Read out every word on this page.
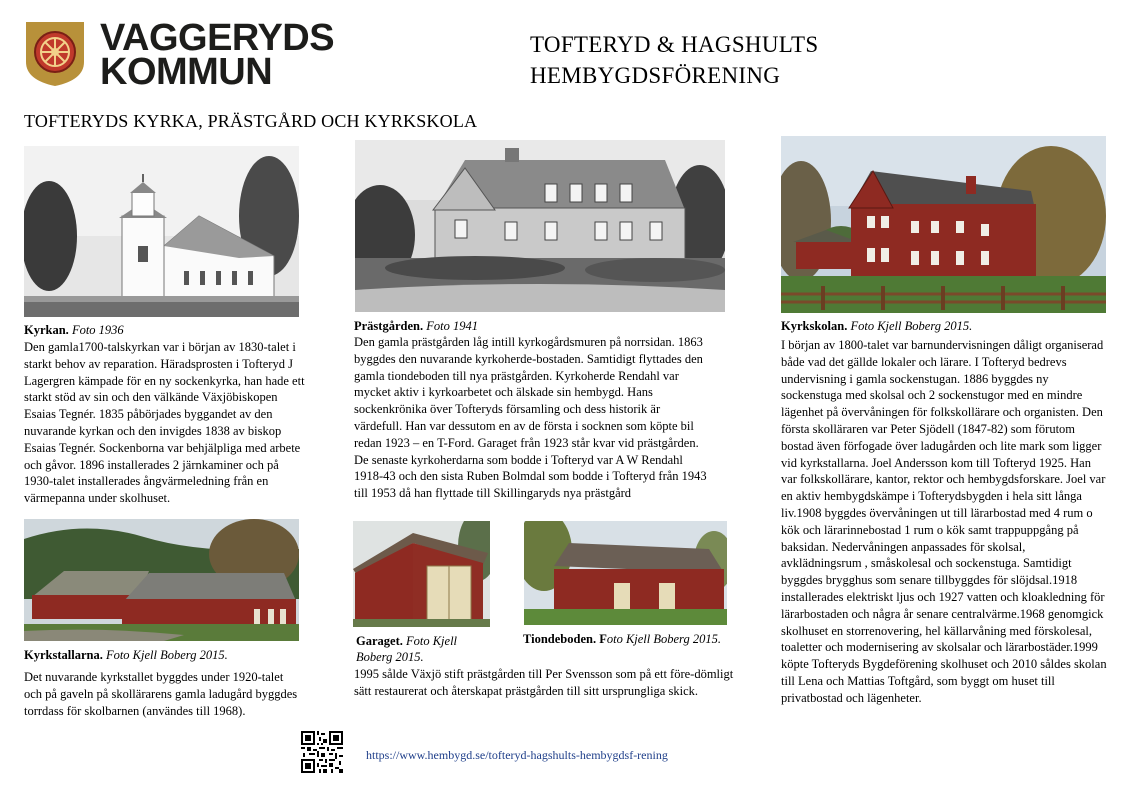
VAGGERYDS
KOMMUN
TOFTERYD & HAGSHULTS
HEMBYGDSFÖRENING
TOFTERYDS KYRKA, PRÄSTGÅRD OCH KYRKSKOLA
Kyrkan. Foto 1936
Den gamla1700-talskyrkan var i början av 1830-talet i starkt behov av reparation. Häradsprosten i Tofteryd J Lagergren kämpade för en ny sockenkyrka, han hade ett starkt stöd av sin och den välkände Växjöbiskopen Esaias Tegnér. 1835 påbörjades byggandet av den nuvarande kyrkan och den invigdes 1838 av biskop Esaias Tegnér. Sockenborna var behjälpliga med arbete och gåvor. 1896 installerades 2 järnkaminer och på 1930-talet installerades ångvärmeledning från en värmepanna under skolhuset.
Prästgården. Foto 1941
Den gamla prästgården låg intill kyrkogårdsmuren på norrsidan. 1863 byggdes den nuvarande kyrkoherde-bostaden. Samtidigt flyttades den gamla tiondeboden till nya prästgården. Kyrkoherde Rendahl var mycket aktiv i kyrkoarbetet och älskade sin hembygd. Hans sockenkrönika över Tofteryds församling och dess historik är värdefull. Han var dessutom en av de första i socknen som köpte bil redan 1923 – en T-Ford. Garaget från 1923 står kvar vid prästgården. De senaste kyrkoherdarna som bodde i Tofteryd var A W Rendahl 1918-43 och den sista Ruben Bolmdal som bodde i Tofteryd från 1943 till 1953 då han flyttade till Skillingaryds nya prästgård
Kyrkskolan. Foto Kjell Boberg 2015.
I början av 1800-talet var barnundervisningen dåligt organiserad både vad det gällde lokaler och lärare. I Tofteryd bedrevs undervisning i gamla sockenstugan. 1886 byggdes ny sockenstuga med skolsal och 2 sockenstugor med en mindre lägenhet på övervåningen för folkskollärare och organisten. Den första skolläraren var Peter Sjödell (1847-82) som förutom bostad även förfogade över ladugården och lite mark som ligger vid kyrkstallarna. Joel Andersson kom till Tofteryd 1925. Han var folkskollärare, kantor, rektor och hembygdsforskare. Joel var en aktiv hembygdskämpe i Tofterydsbygden i hela sitt långa liv.1908 byggdes övervåningen ut till lärarbostad med 4 rum o kök och lärarinnebostad 1 rum o kök samt trappuppgång på baksidan. Nedervåningen anpassades för skolsal, avklädningsrum , småskolesal och sockenstuga. Samtidigt byggdes brygghus som senare tillbyggdes för slöjdsal.1918 installerades elektriskt ljus och 1927 vatten och kloakledning för lärarbostaden och några år senare centralvärme.1968 genomgick skolhuset en storrenovering, hel källarvåning med förskolesal, toaletter och modernisering av skolsalar och lärarbostäder.1999 köpte Tofteryds Bygdeförening skolhuset och 2010 såldes skolan till Lena och Mattias Toftgård, som byggt om huset till privatbostad och lägenheter.
Kyrkstallarna. Foto Kjell Boberg 2015.
Det nuvarande kyrkstallet byggdes under 1920-talet och på gaveln på skollärarens gamla ladugård byggdes torrdass för skolbarnen (användes till 1968).
Garaget. Foto Kjell Boberg 2015.
Tiondeboden. Foto Kjell Boberg 2015.
1995 sålde Växjö stift prästgården till Per Svensson som på ett före-dömligt sätt restaurerat och återskapat prästgården till sitt ursprungliga skick.
https://www.hembygd.se/tofteryd-hagshults-hembygdsf-rening
